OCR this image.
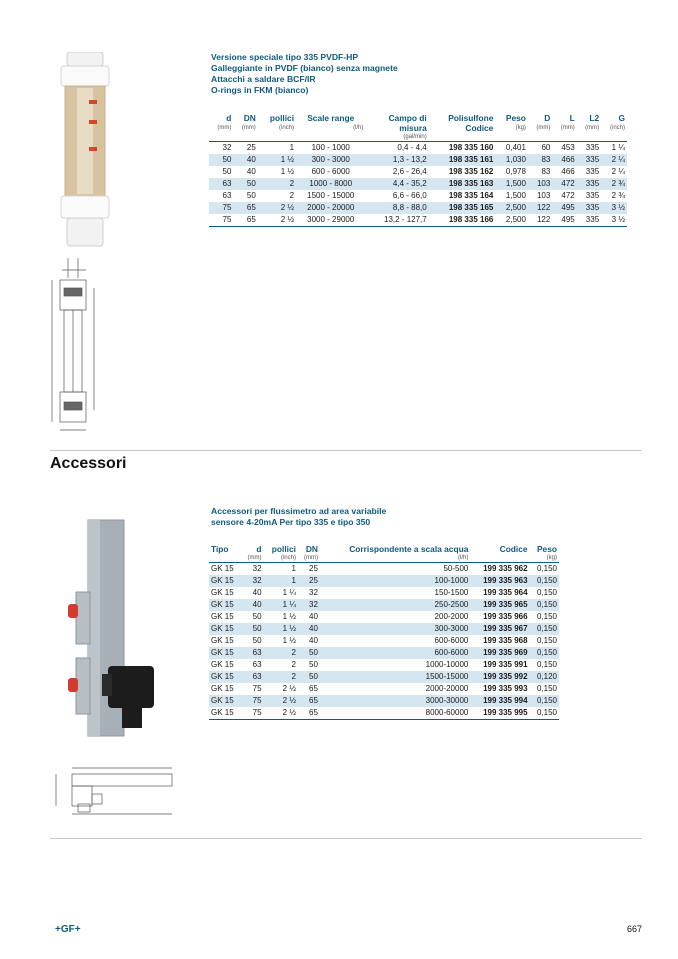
Versione speciale tipo 335 PVDF-HP
Galleggiante in PVDF (bianco) senza magnete
Attacchi a saldare BCF/IR
O-rings in FKM (bianco)
d	DN	pollici	Scale range	Campo di	Polisulfone	Peso	D	L	L2	G
(mm)	(mm)	(inch)	(l/h)	misura	Codice	(kg)	(mm)	(mm)	(mm)	(inch)
				(gal/min)						
32	25	1	100 - 1000	0,4 - 4,4	198 335 160	0,401	60	453	335	1 ¼
50	40	1 ½	300 - 3000	1,3 - 13,2	198 335 161	1,030	83	466	335	2 ¼
50	40	1 ½	600 - 6000	2,6 - 26,4	198 335 162	0,978	83	466	335	2 ¼
63	50	2	1000 - 8000	4,4 - 35,2	198 335 163	1,500	103	472	335	2 ¾
63	50	2	1500 - 15000	6,6 - 66,0	198 335 164	1,500	103	472	335	2 ¾
75	65	2 ½	2000 - 20000	8,8 - 88,0	198 335 165	2,500	122	495	335	3 ½
75	65	2 ½	3000 - 29000	13,2 - 127,7	198 335 166	2,500	122	495	335	3 ½
Accessori
Accessori per flussimetro ad area variabile
sensore 4-20mA Per tipo 335 e tipo 350
Tipo	d	pollici	DN	Corrispondente a scala acqua	Codice	Peso
	(mm)	(inch)	(mm)	(l/h)		(kg)
GK 15	32	1	25	50-500	199 335 962	0,150
GK 15	32	1	25	100-1000	199 335 963	0,150
GK 15	40	1 ¼	32	150-1500	199 335 964	0,150
GK 15	40	1 ¼	32	250-2500	199 335 965	0,150
GK 15	50	1 ½	40	200-2000	199 335 966	0,150
GK 15	50	1 ½	40	300-3000	199 335 967	0,150
GK 15	50	1 ½	40	600-6000	199 335 968	0,150
GK 15	63	2	50	600-6000	199 335 969	0,150
GK 15	63	2	50	1000-10000	199 335 991	0,150
GK 15	63	2	50	1500-15000	199 335 992	0,120
GK 15	75	2 ½	65	2000-20000	199 335 993	0,150
GK 15	75	2 ½	65	3000-30000	199 335 994	0,150
GK 15	75	2 ½	65	8000-60000	199 335 995	0,150
+GF+	667
